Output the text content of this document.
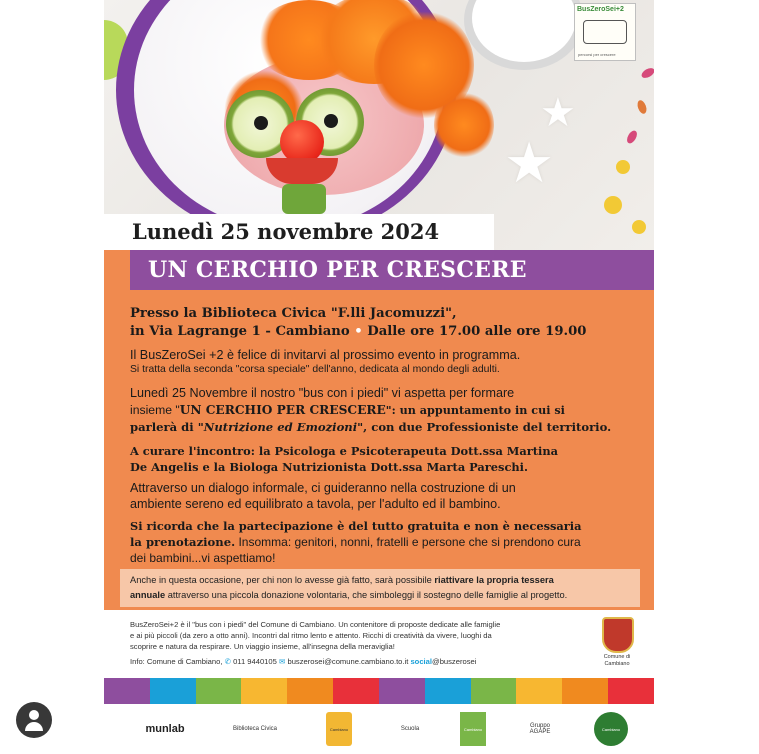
★
★
BusZeroSei+2
percorsi per crescere
Lunedì 25 novembre 2024
UN CERCHIO PER CRESCERE
Presso la Biblioteca Civica "F.lli Jacomuzzi",
in Via Lagrange 1 - Cambiano • Dalle ore 17.00 alle ore 19.00
Il BusZeroSei +2 è felice di invitarvi al prossimo evento in programma.
Si tratta della seconda "corsa speciale" dell'anno, dedicata al mondo degli adulti.
Lunedì 25 Novembre il nostro "bus con i piedi" vi aspetta per formare
insieme "UN CERCHIO PER CRESCERE": un appuntamento in cui si
parlerà di "Nutrizione ed Emozioni", con due Professioniste del territorio.
A curare l'incontro: la Psicologa e Psicoterapeuta Dott.ssa Martina
De Angelis e la Biologa Nutrizionista Dott.ssa Marta Pareschi.
Attraverso un dialogo informale, ci guideranno nella costruzione di un
ambiente sereno ed equilibrato a tavola, per l'adulto ed il bambino.
Si ricorda che la partecipazione è del tutto gratuita e non è necessaria
la prenotazione. Insomma: genitori, nonni, fratelli e persone che si prendono cura
dei bambini...vi aspettiamo!
Anche in questa occasione, per chi non lo avesse già fatto, sarà possibile riattivare la propria tessera
annuale attraverso una piccola donazione volontaria, che simboleggi il sostegno delle famiglie al progetto.
BusZeroSei+2 è il "bus con i piedi" del Comune di Cambiano. Un contenitore di proposte dedicate alle famiglie
e ai più piccoli (da zero a otto anni). Incontri dal ritmo lento e attento. Ricchi di creatività da vivere, luoghi da
scoprire e natura da respirare. Un viaggio insieme, all'insegna della meraviglia!
Info: Comune di Cambiano, ✆ 011 9440105 ✉ buszerosei@comune.cambiano.to.it social@buszerosei	Comune di Cambiano
munlab	Biblioteca Civica	Cambiano	Scuola	Cambiano	Gruppo AGAPE	Cambiano
